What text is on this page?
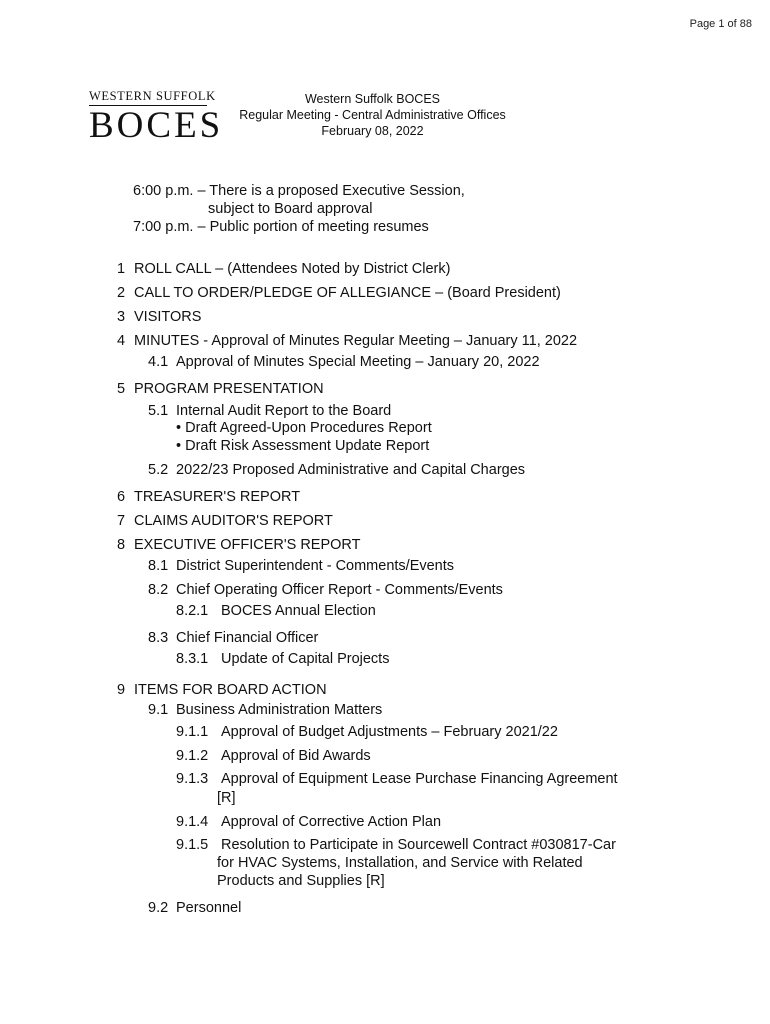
Page 1 of 88
WESTERN SUFFOLK
BOCES
Western Suffolk BOCES
Regular Meeting - Central Administrative Offices
February 08, 2022
6:00 p.m. – There is a proposed Executive Session,
subject to Board approval
7:00 p.m. – Public portion of meeting resumes
1 ROLL CALL – (Attendees Noted by District Clerk)
2 CALL TO ORDER/PLEDGE OF ALLEGIANCE – (Board President)
3 VISITORS
4 MINUTES - Approval of Minutes Regular Meeting – January 11, 2022
4.1 Approval of Minutes Special Meeting – January 20, 2022
5 PROGRAM PRESENTATION
5.1 Internal Audit Report to the Board
• Draft Agreed-Upon Procedures Report
• Draft Risk Assessment Update Report
5.2 2022/23 Proposed Administrative and Capital Charges
6 TREASURER'S REPORT
7 CLAIMS AUDITOR'S REPORT
8 EXECUTIVE OFFICER'S REPORT
8.1 District Superintendent - Comments/Events
8.2 Chief Operating Officer Report - Comments/Events
8.2.1 BOCES Annual Election
8.3 Chief Financial Officer
8.3.1 Update of Capital Projects
9 ITEMS FOR BOARD ACTION
9.1 Business Administration Matters
9.1.1 Approval of Budget Adjustments – February 2021/22
9.1.2 Approval of Bid Awards
9.1.3 Approval of Equipment Lease Purchase Financing Agreement
[R]
9.1.4 Approval of Corrective Action Plan
9.1.5 Resolution to Participate in Sourcewell Contract #030817-Car
for HVAC Systems, Installation, and Service with Related
Products and Supplies [R]
9.2 Personnel
